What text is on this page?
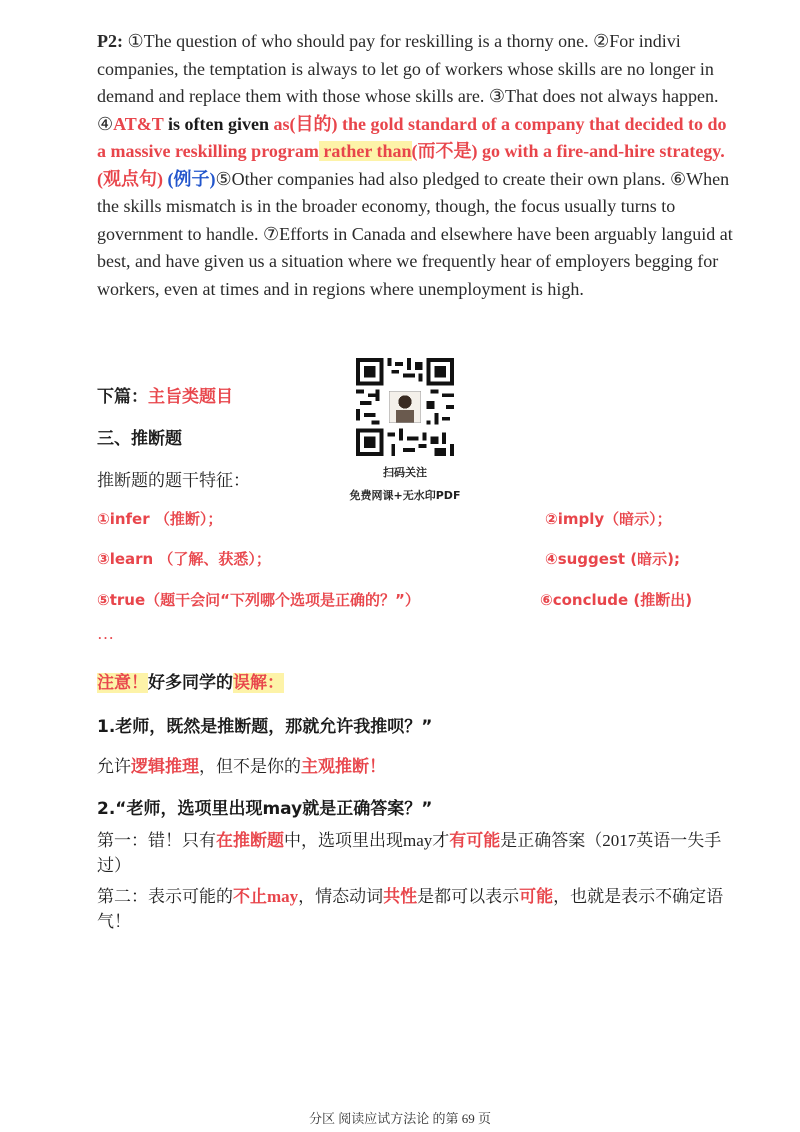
P2: ①The question of who should pay for reskilling is a thorny one. ②For indivi companies, the temptation is always to let go of workers whose skills are no longer in demand and replace them with those whose skills are. ③That does not always happen. ④AT&T is often given as(目的) the gold standard of a company that decided to do a massive reskilling program rather than(而不是) go with a fire-and-hire strategy.(观点句) (例子)⑤Other companies had also pledged to create their own plans. ⑥When the skills mismatch is in the broader economy, though, the focus usually turns to government to handle. ⑦Efforts in Canada and elsewhere have been arguably languid at best, and have given us a situation where we frequently hear of employers begging for workers, even at times and in regions where unemployment is high.
扫码关注
免费网课+无水印PDF
下篇：主旨类题目
三、推断题
推断题的题干特征：
①infer （推断）；	②imply（暗示）；
③learn （了解、获悉）；	④suggest (暗示);
⑤true（题干会问“下列哪个选项是正确的？”）	⑥conclude (推断出)
…
注意！好多同学的误解：
1.老师，既然是推断题，那就允许我推呗？”
允许逻辑推理，但不是你的主观推断！
2.“老师，选项里出现may就是正确答案？”
第一：错！只有在推断题中，选项里出现may才有可能是正确答案（2017英语一失手过）
第二：表示可能的不止may，情态动词共性是都可以表示可能，也就是表示不确定语气！
分区 阅读应试方法论 的第 69 页
